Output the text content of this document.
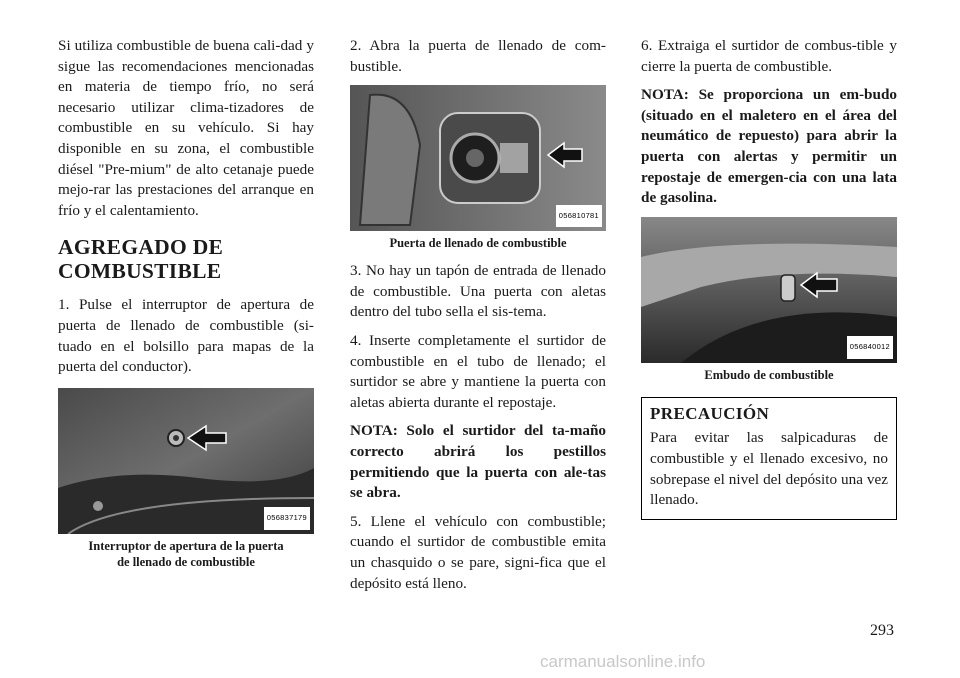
Si utiliza combustible de buena cali-dad y sigue las recomendaciones mencionadas en materia de tiempo frío, no será necesario utilizar clima-tizadores de combustible en su vehículo. Si hay disponible en su zona, el combustible diésel "Pre-mium" de alto cetanaje puede mejo-rar las prestaciones del arranque en frío y el calentamiento.

AGREGADO DE
COMBUSTIBLE

1. Pulse el interruptor de apertura de puerta de llenado de combustible (si-tuado en el bolsillo para mapas de la puerta del conductor).

056837179
Interruptor de apertura de la puerta
de llenado de combustible

2. Abra la puerta de llenado de com-bustible.

056810781
Puerta de llenado de combustible

3. No hay un tapón de entrada de llenado de combustible. Una puerta con aletas dentro del tubo sella el sis-tema.

4. Inserte completamente el surtidor de combustible en el tubo de llenado; el surtidor se abre y mantiene la puerta con aletas abierta durante el repostaje.

NOTA: Solo el surtidor del ta-maño correcto abrirá los pestillos permitiendo que la puerta con ale-tas se abra.

5. Llene el vehículo con combustible; cuando el surtidor de combustible emita un chasquido o se pare, signi-fica que el depósito está lleno.

6. Extraiga el surtidor de combus-tible y cierre la puerta de combustible.

NOTA: Se proporciona un em-budo (situado en el maletero en el área del neumático de repuesto) para abrir la puerta con alertas y permitir un repostaje de emergen-cia con una lata de gasolina.

056840012
Embudo de combustible
PRECAUCIÓN

Para evitar las salpicaduras de combustible y el llenado excesivo, no sobrepase el nivel del depósito una vez llenado.

293
carmanualsonline.info
